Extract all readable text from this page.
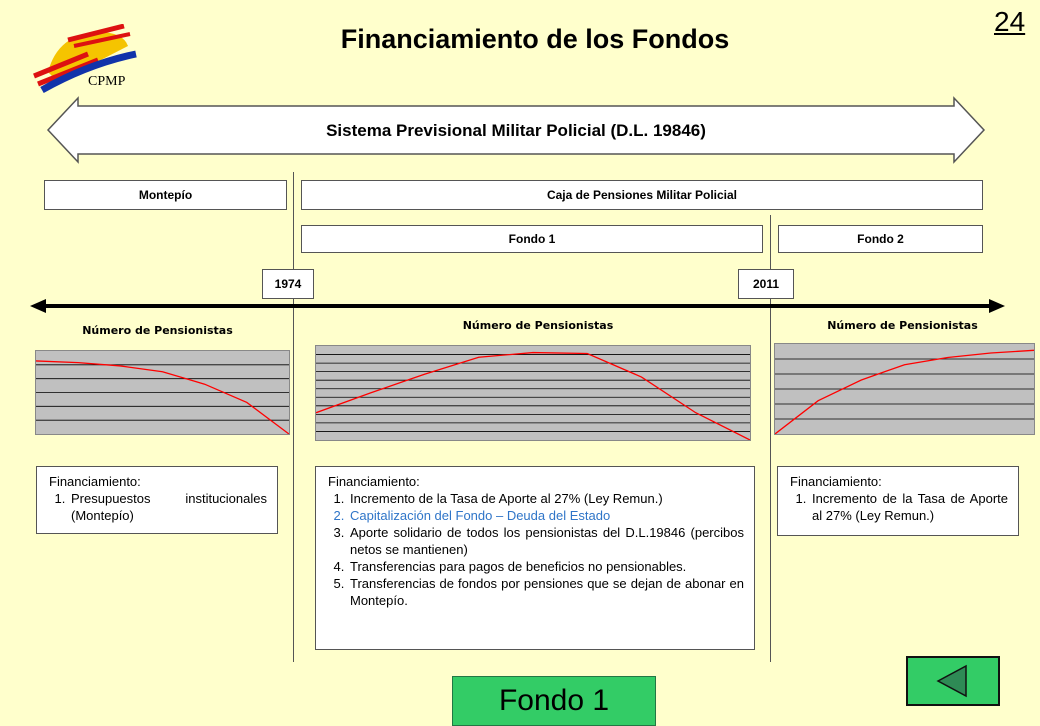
CPMP
Financiamiento de los Fondos
24
Sistema Previsional Militar Policial (D.L. 19846)
Montepío	Caja de Pensiones Militar Policial
Fondo 1	Fondo 2
1974	2011
Número de Pensionistas	Número de Pensionistas	Número de Pensionistas
Financiamiento:
1. Presupuestos institucionales (Montepío)
Financiamiento:
1. Incremento de la Tasa de Aporte al 27% (Ley Remun.)
2. Capitalización del Fondo – Deuda del Estado
3. Aporte solidario de todos los pensionistas del D.L.19846 (percibos netos se mantienen)
4. Transferencias para pagos de beneficios no pensionables.
5. Transferencias de fondos por pensiones que se dejan de abonar en Montepío.
Financiamiento:
1. Incremento de la Tasa de Aporte al 27% (Ley Remun.)
Fondo 1
